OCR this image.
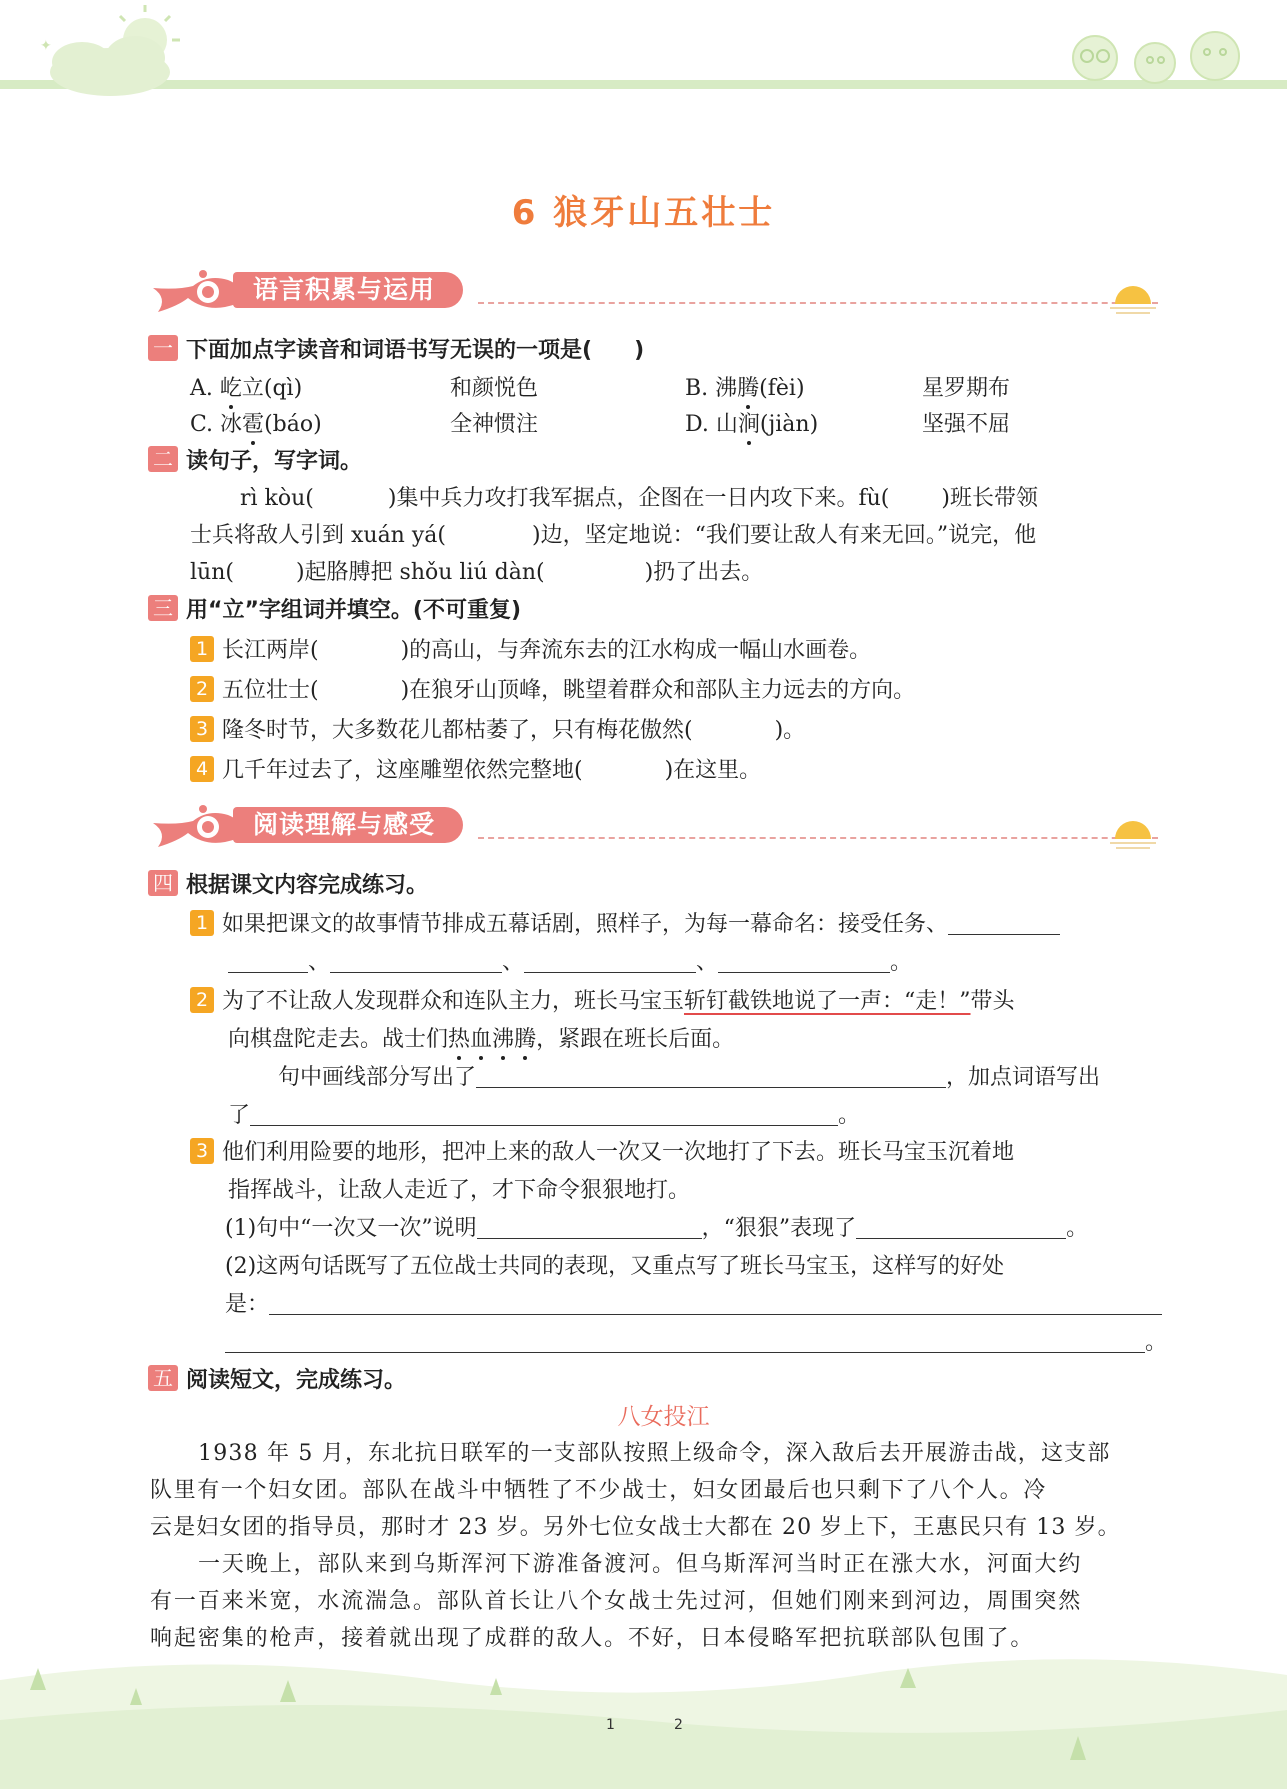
✦
6 狼牙山五壮士
语言积累与运用
一 下面加点字读音和词语书写无误的一项是( )
A. 屹立(qì)	和颜悦色	B. 沸腾(fèi)	星罗期布
C. 冰雹(báo)	全神惯注	D. 山涧(jiàn)	坚强不屈
二 读句子，写字词。
rì kòu(	)集中兵力攻打我军据点，企图在一日内攻下来。fù( )班长带领
士兵将敌人引到 xuán yá(	)边，坚定地说：“我们要让敌人有来无回。”说完，他
lūn(	)起胳膊把 shǒu liú dàn(	)扔了出去。
三 用“立”字组词并填空。(不可重复)
1 长江两岸(	)的高山，与奔流东去的江水构成一幅山水画卷。
2 五位壮士(	)在狼牙山顶峰，眺望着群众和部队主力远去的方向。
3 隆冬时节，大多数花儿都枯萎了，只有梅花傲然(	)。
4 几千年过去了，这座雕塑依然完整地(	)在这里。
阅读理解与感受
四 根据课文内容完成练习。
1 如果把课文的故事情节排成五幕话剧，照样子，为每一幕命名：接受任务、
、	、	、	。
2 为了不让敌人发现群众和连队主力，班长马宝玉斩钉截铁地说了一声：“走！”带头
向棋盘陀走去。战士们热血沸腾，紧跟在班长后面。
句中画线部分写出了	，加点词语写出
了	。
3 他们利用险要的地形，把冲上来的敌人一次又一次地打了下去。班长马宝玉沉着地
指挥战斗，让敌人走近了，才下命令狠狠地打。
(1)句中“一次又一次”说明	，“狠狠”表现了	。
(2)这两句话既写了五位战士共同的表现，又重点写了班长马宝玉，这样写的好处
是：
。
五 阅读短文，完成练习。
八女投江
1938 年 5 月，东北抗日联军的一支部队按照上级命令，深入敌后去开展游击战，这支部
队里有一个妇女团。部队在战斗中牺牲了不少战士，妇女团最后也只剩下了八个人。冷
云是妇女团的指导员，那时才 23 岁。另外七位女战士大都在 20 岁上下，王惠民只有 13 岁。
一天晚上，部队来到乌斯浑河下游准备渡河。但乌斯浑河当时正在涨大水，河面大约
有一百来米宽，水流湍急。部队首长让八个女战士先过河，但她们刚来到河边，周围突然
响起密集的枪声，接着就出现了成群的敌人。不好，日本侵略军把抗联部队包围了。
1	2
